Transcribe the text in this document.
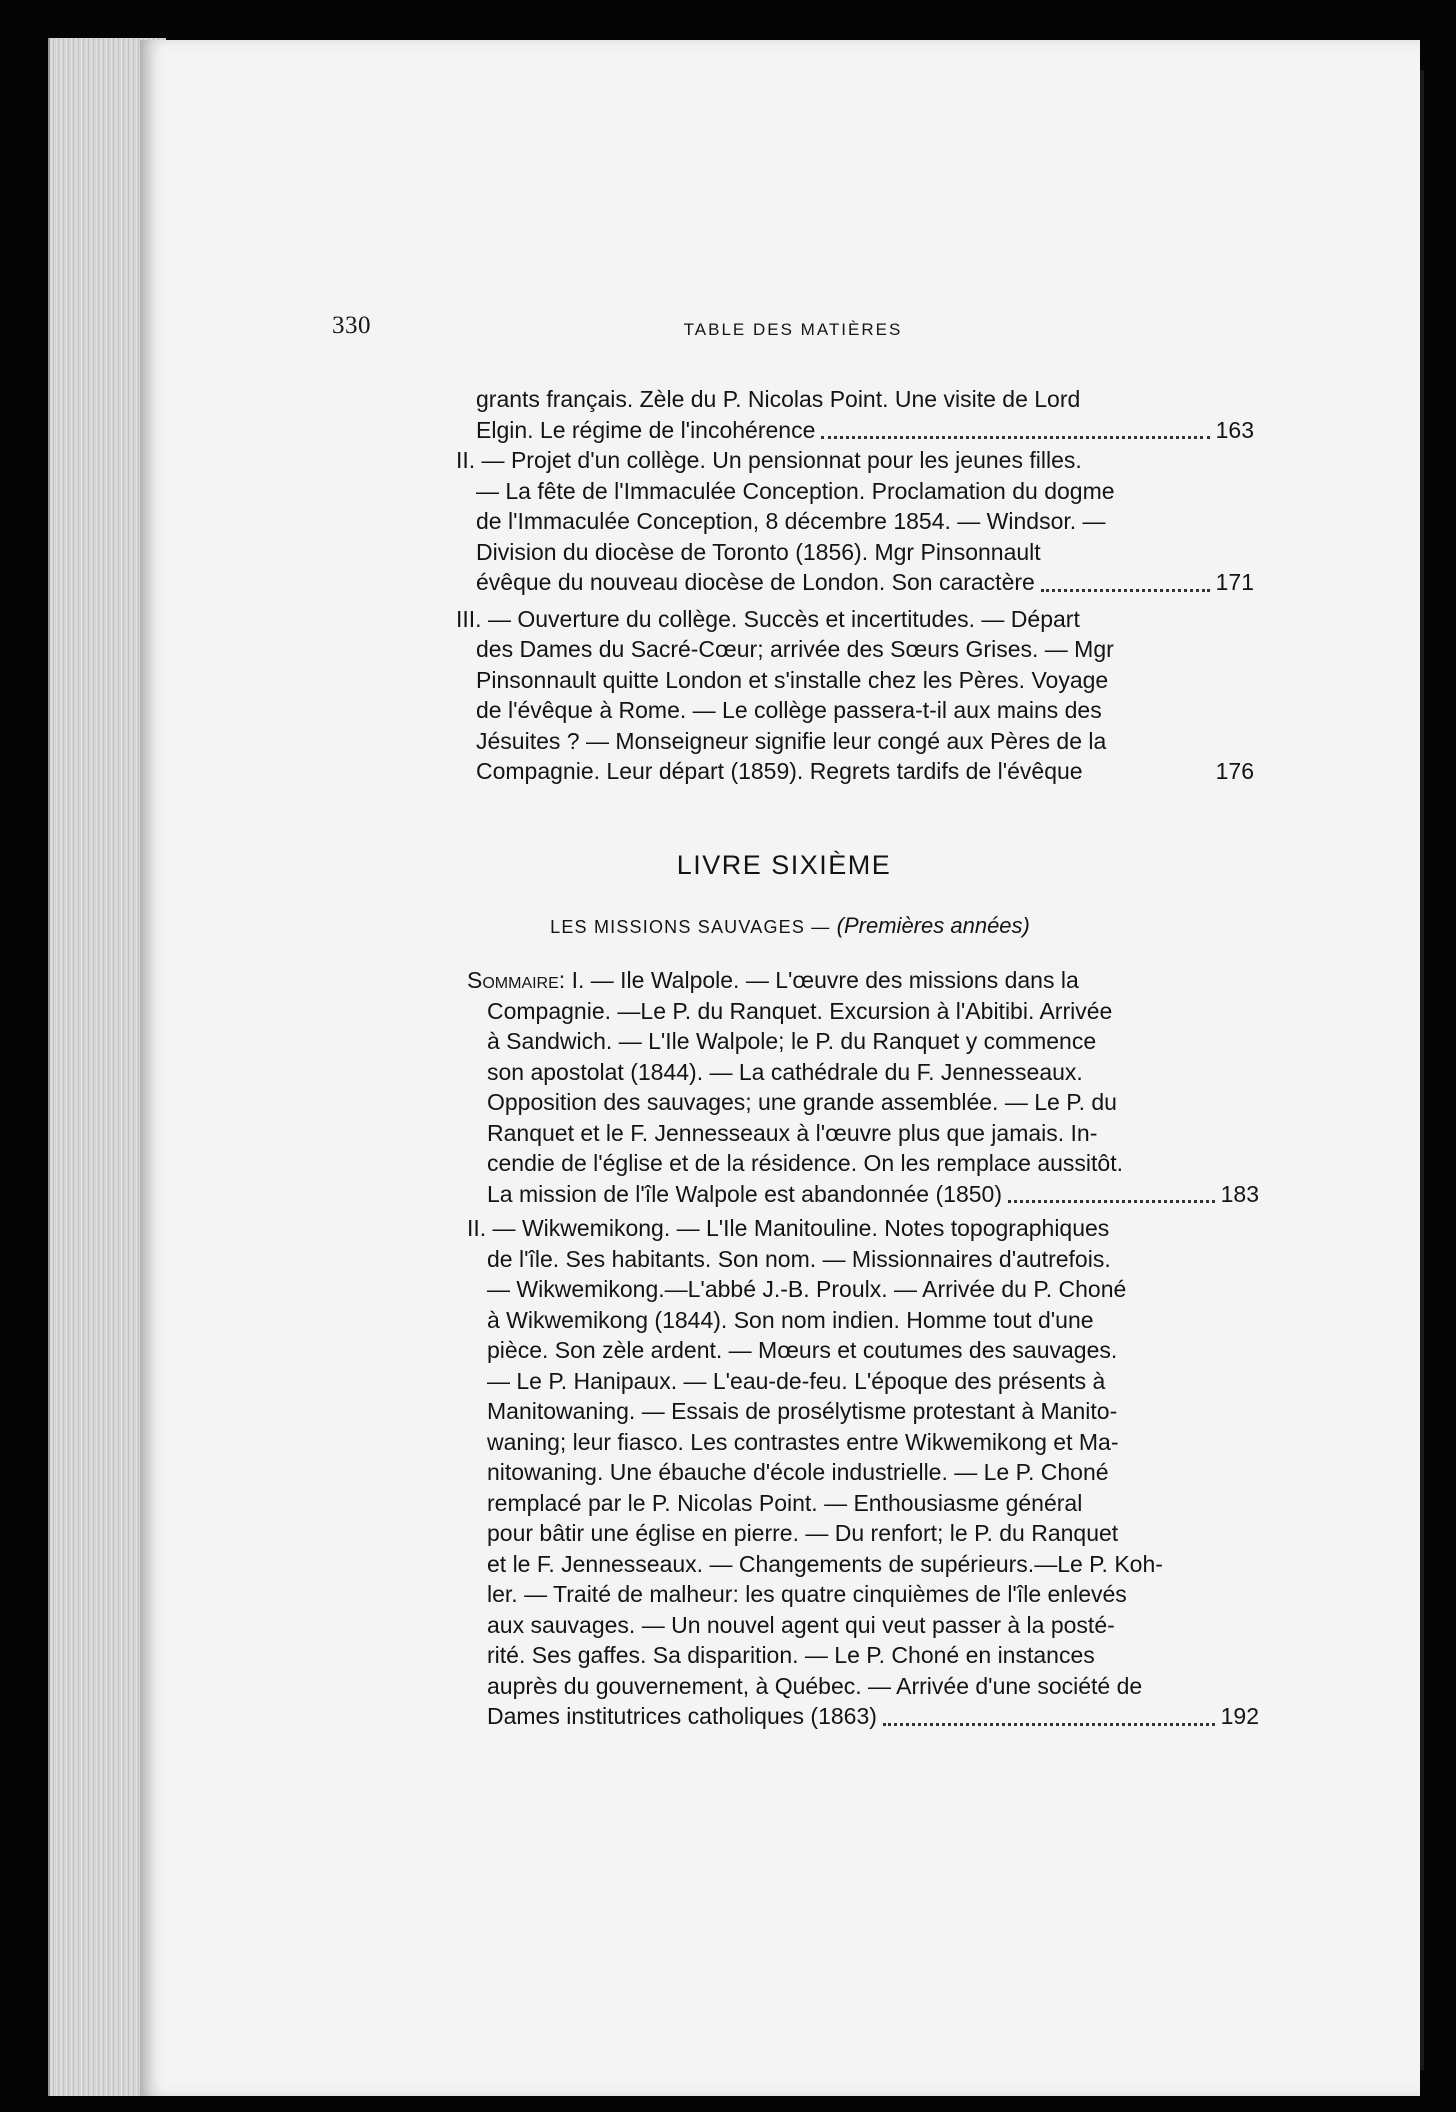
330	TABLE DES MATIÈRES
grants français. Zèle du P. Nicolas Point. Une visite de Lord
Elgin. Le régime de l'incohérence	163
II. — Projet d'un collège. Un pensionnat pour les jeunes filles.
— La fête de l'Immaculée Conception. Proclamation du dogme
de l'Immaculée Conception, 8 décembre 1854. — Windsor. —
Division du diocèse de Toronto (1856). Mgr Pinsonnault
évêque du nouveau diocèse de London. Son caractère	171
III. — Ouverture du collège. Succès et incertitudes. — Départ
des Dames du Sacré-Cœur; arrivée des Sœurs Grises. — Mgr
Pinsonnault quitte London et s'installe chez les Pères. Voyage
de l'évêque à Rome. — Le collège passera-t-il aux mains des
Jésuites ? — Monseigneur signifie leur congé aux Pères de la
Compagnie. Leur départ (1859). Regrets tardifs de l'évêque	176
LIVRE SIXIÈME
LES MISSIONS SAUVAGES — (Premières années)
Sommaire : I. — Ile Walpole. — L'œuvre des missions dans la
Compagnie. —Le P. du Ranquet. Excursion à l'Abitibi. Arrivée
à Sandwich. — L'Ile Walpole; le P. du Ranquet y commence
son apostolat (1844). — La cathédrale du F. Jennesseaux.
Opposition des sauvages; une grande assemblée. — Le P. du
Ranquet et le F. Jennesseaux à l'œuvre plus que jamais. In-
cendie de l'église et de la résidence. On les remplace aussitôt.
La mission de l'île Walpole est abandonnée (1850)	183
II. — Wikwemikong. — L'Ile Manitouline. Notes topographiques
de l'île. Ses habitants. Son nom. — Missionnaires d'autrefois.
— Wikwemikong.—L'abbé J.-B. Proulx. — Arrivée du P. Choné
à Wikwemikong (1844). Son nom indien. Homme tout d'une
pièce. Son zèle ardent. — Mœurs et coutumes des sauvages.
— Le P. Hanipaux. — L'eau-de-feu. L'époque des présents à
Manitowaning. — Essais de prosélytisme protestant à Manito-
waning; leur fiasco. Les contrastes entre Wikwemikong et Ma-
nitowaning. Une ébauche d'école industrielle. — Le P. Choné
remplacé par le P. Nicolas Point. — Enthousiasme général
pour bâtir une église en pierre. — Du renfort; le P. du Ranquet
et le F. Jennesseaux. — Changements de supérieurs.—Le P. Koh-
ler. — Traité de malheur: les quatre cinquièmes de l'île enlevés
aux sauvages. — Un nouvel agent qui veut passer à la posté-
rité. Ses gaffes. Sa disparition. — Le P. Choné en instances
auprès du gouvernement, à Québec. — Arrivée d'une société de
Dames institutrices catholiques (1863)	192
